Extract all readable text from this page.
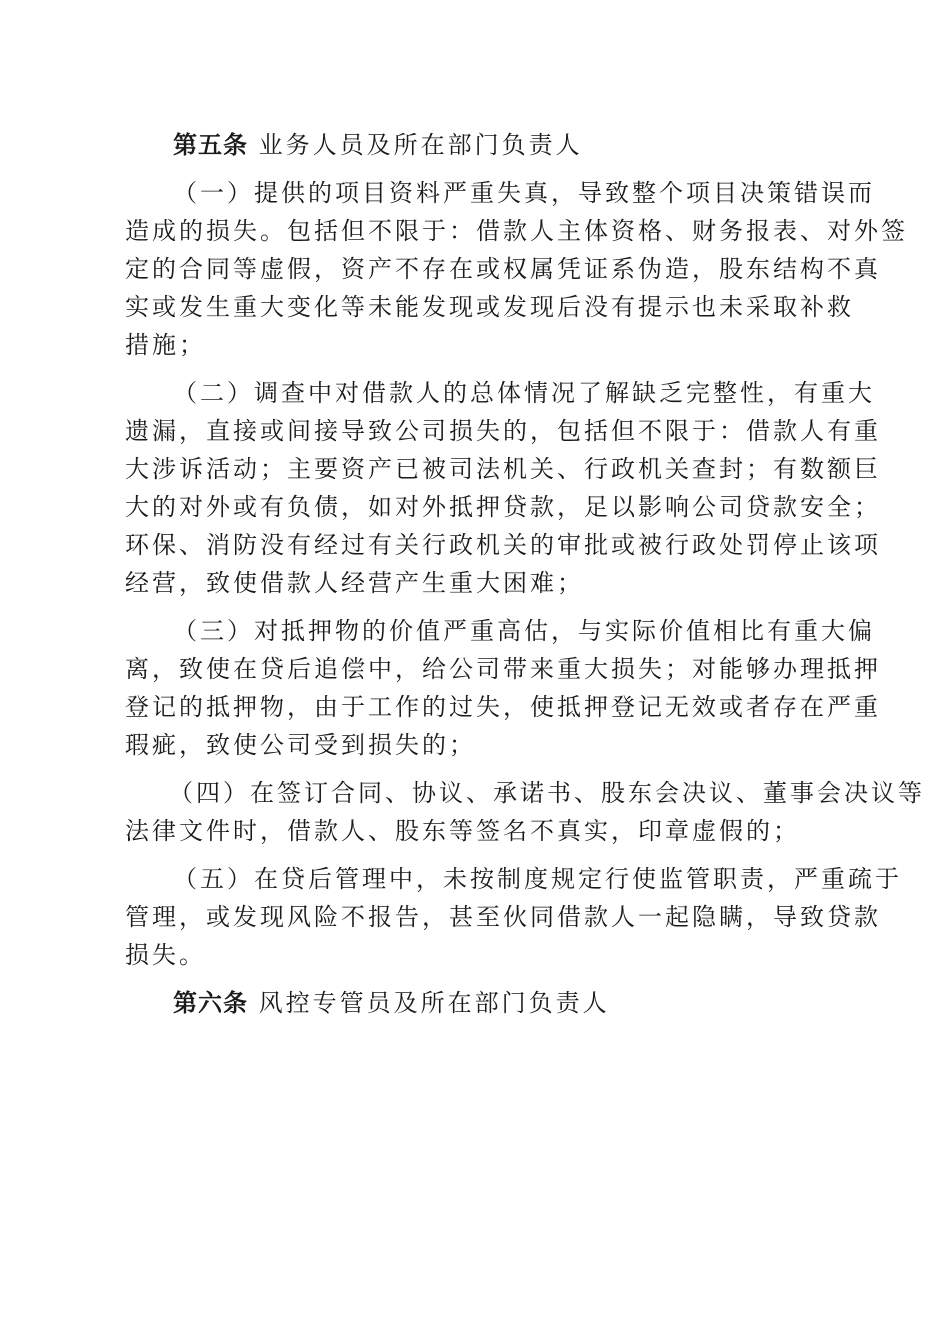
第五条 业务人员及所在部门负责人
（一）提供的项目资料严重失真，导致整个项目决策错误而
造成的损失。包括但不限于：借款人主体资格、财务报表、对外签
定的合同等虚假，资产不存在或权属凭证系伪造，股东结构不真
实或发生重大变化等未能发现或发现后没有提示也未采取补救
措施；
（二）调查中对借款人的总体情况了解缺乏完整性，有重大
遗漏，直接或间接导致公司损失的，包括但不限于：借款人有重
大涉诉活动；主要资产已被司法机关、行政机关查封；有数额巨
大的对外或有负债，如对外抵押贷款，足以影响公司贷款安全；
环保、消防没有经过有关行政机关的审批或被行政处罚停止该项
经营，致使借款人经营产生重大困难；
（三）对抵押物的价值严重高估，与实际价值相比有重大偏
离，致使在贷后追偿中，给公司带来重大损失；对能够办理抵押
登记的抵押物，由于工作的过失，使抵押登记无效或者存在严重
瑕疵，致使公司受到损失的；
（四）在签订合同、协议、承诺书、股东会决议、董事会决议等
法律文件时，借款人、股东等签名不真实，印章虚假的；
（五）在贷后管理中，未按制度规定行使监管职责，严重疏于
管理，或发现风险不报告，甚至伙同借款人一起隐瞒，导致贷款
损失。
第六条 风控专管员及所在部门负责人
